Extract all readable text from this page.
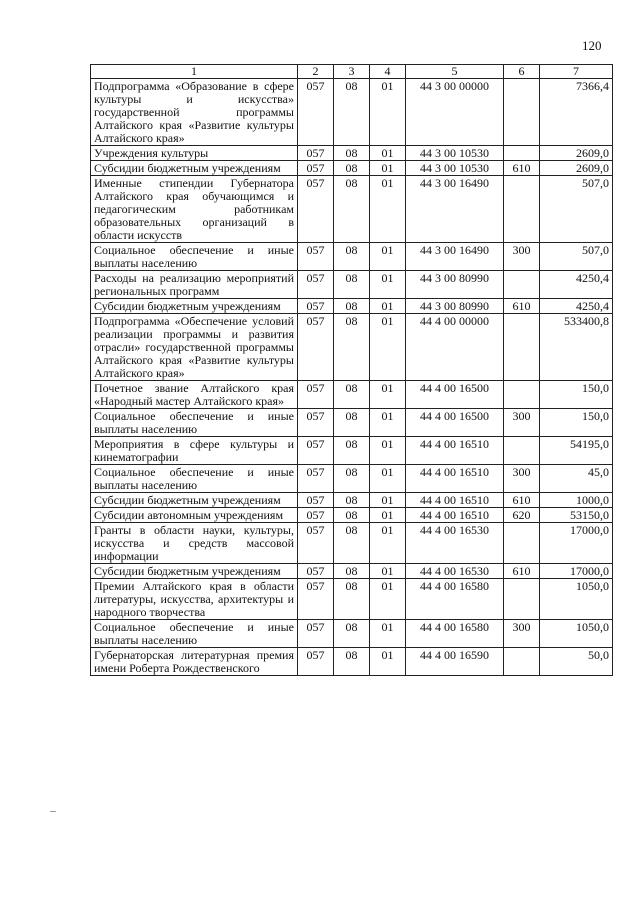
120
–
1	2	3	4	5	6	7
Подпрограмма «Образование в сфере культуры и искусства» государственной программы Алтайского края «Развитие культуры Алтайского края»	057	08	01	44 3 00 00000		7366,4
Учреждения культуры	057	08	01	44 3 00 10530		2609,0
Субсидии бюджетным учреждениям	057	08	01	44 3 00 10530	610	2609,0
Именные стипендии Губернатора Алтайского края обучающимся и педагогическим работникам образовательных организаций в области искусств	057	08	01	44 3 00 16490		507,0
Социальное обеспечение и иные выплаты населению	057	08	01	44 3 00 16490	300	507,0
Расходы на реализацию мероприятий региональных программ	057	08	01	44 3 00 80990		4250,4
Субсидии бюджетным учреждениям	057	08	01	44 3 00 80990	610	4250,4
Подпрограмма «Обеспечение условий реализации программы и развития отрасли» государственной программы Алтайского края «Развитие культуры Алтайского края»	057	08	01	44 4 00 00000		533400,8
Почетное звание Алтайского края «Народный мастер Алтайского края»	057	08	01	44 4 00 16500		150,0
Социальное обеспечение и иные выплаты населению	057	08	01	44 4 00 16500	300	150,0
Мероприятия в сфере культуры и кинематографии	057	08	01	44 4 00 16510		54195,0
Социальное обеспечение и иные выплаты населению	057	08	01	44 4 00 16510	300	45,0
Субсидии бюджетным учреждениям	057	08	01	44 4 00 16510	610	1000,0
Субсидии автономным учреждениям	057	08	01	44 4 00 16510	620	53150,0
Гранты в области науки, культуры, искусства и средств массовой информации	057	08	01	44 4 00 16530		17000,0
Субсидии бюджетным учреждениям	057	08	01	44 4 00 16530	610	17000,0
Премии Алтайского края в области литературы, искусства, архитектуры и народного творчества	057	08	01	44 4 00 16580		1050,0
Социальное обеспечение и иные выплаты населению	057	08	01	44 4 00 16580	300	1050,0
Губернаторская литературная премия имени Роберта Рождественского	057	08	01	44 4 00 16590		50,0
